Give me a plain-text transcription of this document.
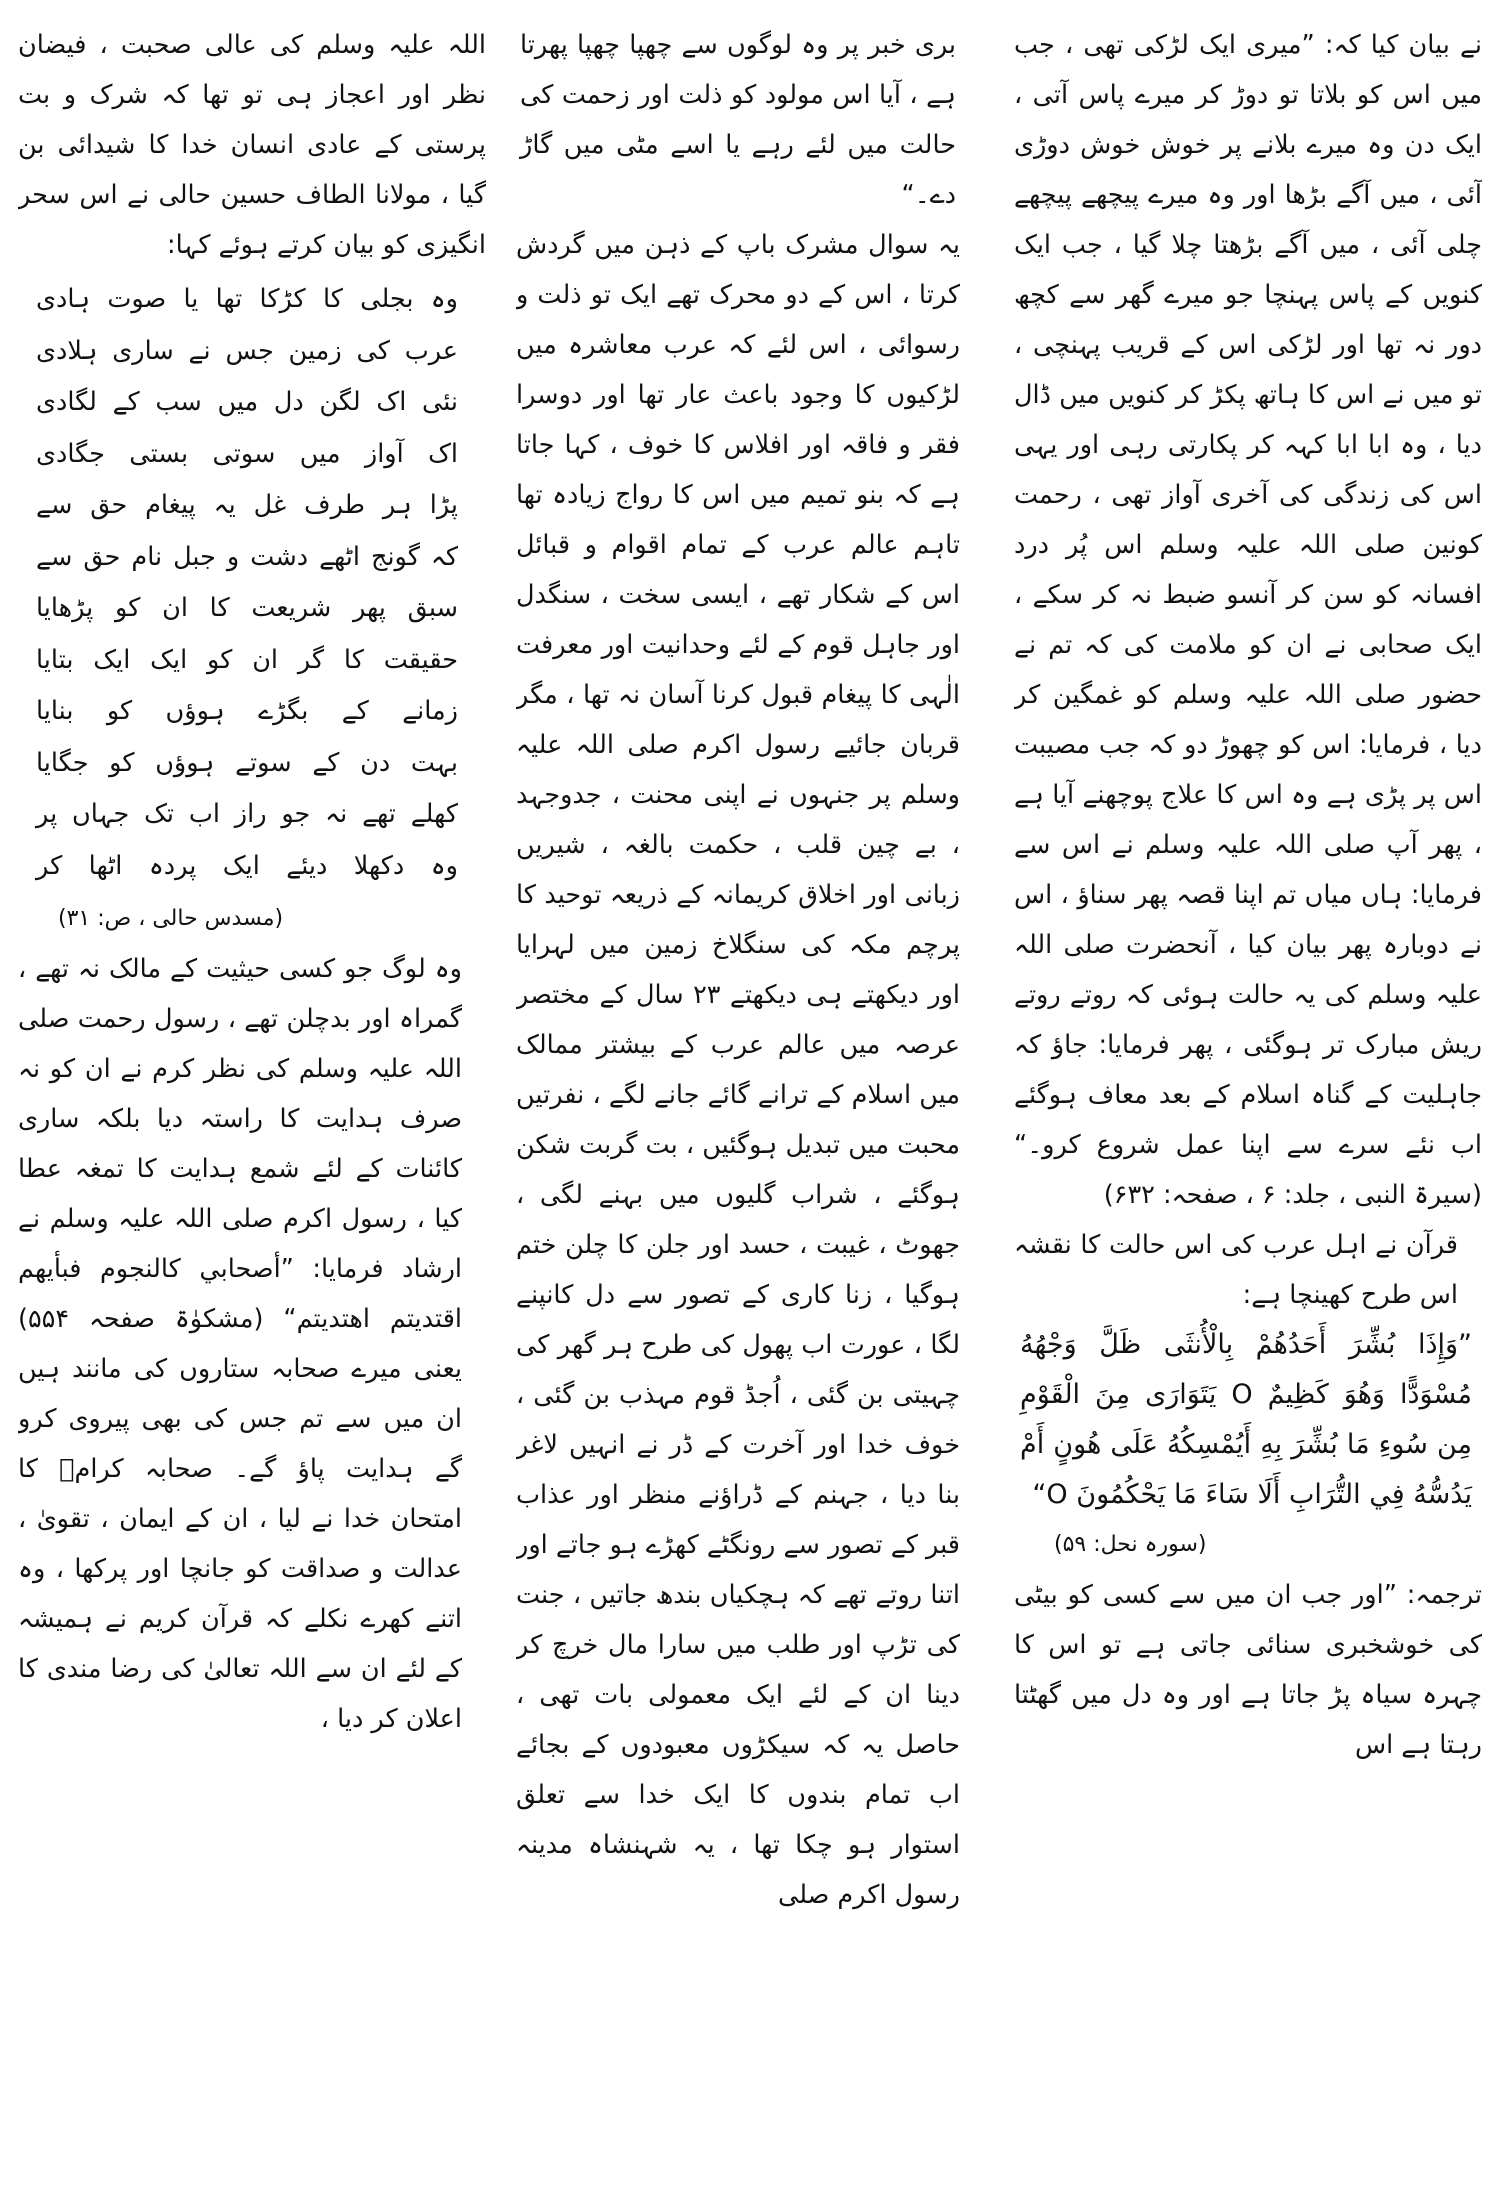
نے بیان کیا کہ: ”میری ایک لڑکی تھی ، جب میں اس کو بلاتا تو دوڑ کر میرے پاس آتی ، ایک دن وہ میرے بلانے پر خوش خوش دوڑی آئی ، میں آگے بڑھا اور وہ میرے پیچھے پیچھے چلی آئی ، میں آگے بڑھتا چلا گیا ، جب ایک کنویں کے پاس پہنچا جو میرے گھر سے کچھ دور نہ تھا اور لڑکی اس کے قریب پہنچی ، تو میں نے اس کا ہاتھ پکڑ کر کنویں میں ڈال دیا ، وہ ابا ابا کہہ کر پکارتی رہی اور یہی اس کی زندگی کی آخری آواز تھی ، رحمت کونین صلی اللہ علیہ وسلم اس پُر درد افسانہ کو سن کر آنسو ضبط نہ کر سکے ، ایک صحابی نے ان کو ملامت کی کہ تم نے حضور صلی اللہ علیہ وسلم کو غمگین کر دیا ، فرمایا: اس کو چھوڑ دو کہ جب مصیبت اس پر پڑی ہے وہ اس کا علاج پوچھنے آیا ہے ، پھر آپ صلی اللہ علیہ وسلم نے اس سے فرمایا: ہاں میاں تم اپنا قصہ پھر سناؤ ، اس نے دوبارہ پھر بیان کیا ، آنحضرت صلی اللہ علیہ وسلم کی یہ حالت ہوئی کہ روتے روتے ریش مبارک تر ہوگئی ، پھر فرمایا: جاؤ کہ جاہلیت کے گناہ اسلام کے بعد معاف ہوگئے اب نئے سرے سے اپنا عمل شروع کرو۔“ (سیرۃ النبی ، جلد: ۶ ، صفحہ: ۶۳۲)

قرآن نے اہل عرب کی اس حالت کا نقشہ اس طرح کھینچا ہے:

”وَإِذَا بُشِّرَ أَحَدُهُمْ بِالْأُنثَى ظَلَّ وَجْهُهُ مُسْوَدًّا وَهُوَ كَظِيمٌ O يَتَوَارَى مِنَ الْقَوْمِ مِن سُوءِ مَا بُشِّرَ بِهِ أَيُمْسِكُهُ عَلَى هُونٍ أَمْ يَدُسُّهُ فِي التُّرَابِ أَلَا سَاءَ مَا يَحْكُمُونَ O“

(سورہ نحل: ۵۹)

ترجمہ: ”اور جب ان میں سے کسی کو بیٹی کی خوشخبری سنائی جاتی ہے تو اس کا چہرہ سیاہ پڑ جاتا ہے اور وہ دل میں گھٹتا رہتا ہے اس

بری خبر پر وہ لوگوں سے چھپا چھپا پھرتا ہے ، آیا اس مولود کو ذلت اور زحمت کی حالت میں لئے رہے یا اسے مٹی میں گاڑ دے۔“

یہ سوال مشرک باپ کے ذہن میں گردش کرتا ، اس کے دو محرک تھے ایک تو ذلت و رسوائی ، اس لئے کہ عرب معاشرہ میں لڑکیوں کا وجود باعث عار تھا اور دوسرا فقر و فاقہ اور افلاس کا خوف ، کہا جاتا ہے کہ بنو تمیم میں اس کا رواج زیادہ تھا تاہم عالم عرب کے تمام اقوام و قبائل اس کے شکار تھے ، ایسی سخت ، سنگدل اور جاہل قوم کے لئے وحدانیت اور معرفت الٰہی کا پیغام قبول کرنا آسان نہ تھا ، مگر قربان جائیے رسول اکرم صلی اللہ علیہ وسلم پر جنہوں نے اپنی محنت ، جدوجہد ، بے چین قلب ، حکمت بالغہ ، شیریں زبانی اور اخلاق کریمانہ کے ذریعہ توحید کا پرچم مکہ کی سنگلاخ زمین میں لہرایا اور دیکھتے ہی دیکھتے ۲۳ سال کے مختصر عرصہ میں عالم عرب کے بیشتر ممالک میں اسلام کے ترانے گائے جانے لگے ، نفرتیں محبت میں تبدیل ہوگئیں ، بت گربت شکن ہوگئے ، شراب گلیوں میں بہنے لگی ، جھوٹ ، غیبت ، حسد اور جلن کا چلن ختم ہوگیا ، زنا کاری کے تصور سے دل کانپنے لگا ، عورت اب پھول کی طرح ہر گھر کی چہیتی بن گئی ، اُجڈ قوم مہذب بن گئی ، خوف خدا اور آخرت کے ڈر نے انہیں لاغر بنا دیا ، جہنم کے ڈراؤنے منظر اور عذاب قبر کے تصور سے رونگٹے کھڑے ہو جاتے اور اتنا روتے تھے کہ ہچکیاں بندھ جاتیں ، جنت کی تڑپ اور طلب میں سارا مال خرچ کر دینا ان کے لئے ایک معمولی بات تھی ، حاصل یہ کہ سیکڑوں معبودوں کے بجائے اب تمام بندوں کا ایک خدا سے تعلق استوار ہو چکا تھا ، یہ شہنشاہ مدینہ رسول اکرم صلی

اللہ علیہ وسلم کی عالی صحبت ، فیضان نظر اور اعجاز ہی تو تھا کہ شرک و بت پرستی کے عادی انسان خدا کا شیدائی بن گیا ، مولانا الطاف حسین حالی نے اس سحر انگیزی کو بیان کرتے ہوئے کہا:

وہ بجلی کا کڑکا تھا یا صوت ہادی
عرب کی زمین جس نے ساری ہلادی
نئی اک لگن دل میں سب کے لگادی
اک آواز میں سوتی بستی جگادی
پڑا ہر طرف غل یہ پیغام حق سے
کہ گونج اٹھے دشت و جبل نام حق سے
سبق پھر شریعت کا ان کو پڑھایا
حقیقت کا گر ان کو ایک ایک بتایا
زمانے کے بگڑے ہوؤں کو بنایا
بہت دن کے سوتے ہوؤں کو جگایا
کھلے تھے نہ جو راز اب تک جہاں پر
وہ دکھلا دیئے ایک پردہ اٹھا کر

(مسدس حالی ، ص: ۳۱)

وہ لوگ جو کسی حیثیت کے مالک نہ تھے ، گمراہ اور بدچلن تھے ، رسول رحمت صلی اللہ علیہ وسلم کی نظر کرم نے ان کو نہ صرف ہدایت کا راستہ دیا بلکہ ساری کائنات کے لئے شمع ہدایت کا تمغہ عطا کیا ، رسول اکرم صلی اللہ علیہ وسلم نے ارشاد فرمایا: ”أصحابي كالنجوم فبأيهم اقتديتم اهتديتم“ (مشکوٰۃ صفحہ ۵۵۴) یعنی میرے صحابہ ستاروں کی مانند ہیں ان میں سے تم جس کی بھی پیروی کرو گے ہدایت پاؤ گے۔ صحابہ کرامؓ کا امتحان خدا نے لیا ، ان کے ایمان ، تقویٰ ، عدالت و صداقت کو جانچا اور پرکھا ، وہ اتنے کھرے نکلے کہ قرآن کریم نے ہمیشہ کے لئے ان سے اللہ تعالیٰ کی رضا مندی کا اعلان کر دیا ،
